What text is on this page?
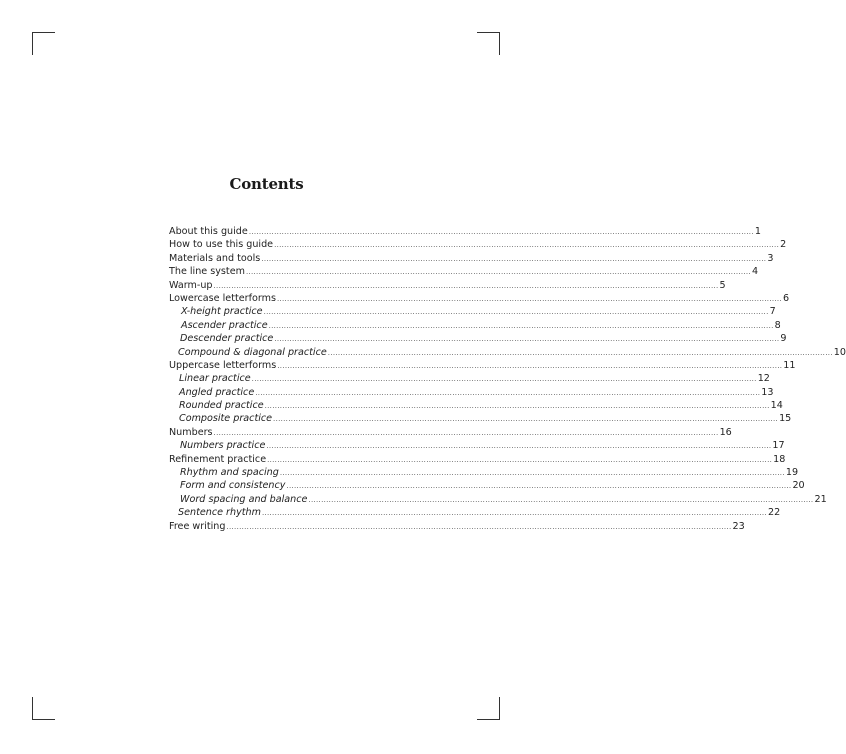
Contents
About this guide ........................................................................................................................................................................................................ 1
How to use this guide ........................................................................................................................................................................................................ 2
Materials and tools ........................................................................................................................................................................................................ 3
The line system ........................................................................................................................................................................................................ 4
Warm-up ........................................................................................................................................................................................................ 5
Lowercase letterforms ........................................................................................................................................................................................................ 6
X-height practice ........................................................................................................................................................................................................ 7
Ascender practice ........................................................................................................................................................................................................ 8
Descender practice ........................................................................................................................................................................................................ 9
Compound & diagonal practice ........................................................................................................................................................................................................ 10
Uppercase letterforms ........................................................................................................................................................................................................ 11
Linear practice ........................................................................................................................................................................................................ 12
Angled practice ........................................................................................................................................................................................................ 13
Rounded practice ........................................................................................................................................................................................................ 14
Composite practice ........................................................................................................................................................................................................ 15
Numbers ........................................................................................................................................................................................................ 16
Numbers practice ........................................................................................................................................................................................................ 17
Refinement practice ........................................................................................................................................................................................................ 18
Rhythm and spacing ........................................................................................................................................................................................................ 19
Form and consistency ........................................................................................................................................................................................................ 20
Word spacing and balance ........................................................................................................................................................................................................ 21
Sentence rhythm ........................................................................................................................................................................................................ 22
Free writing ........................................................................................................................................................................................................ 23
